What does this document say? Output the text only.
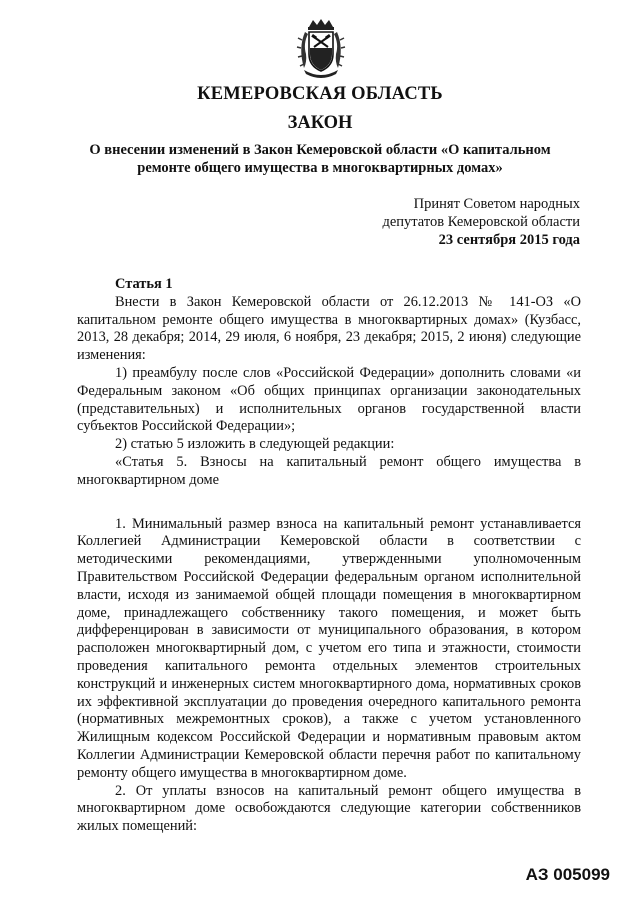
КЕМЕРОВСКАЯ ОБЛАСТЬ
ЗАКОН
О внесении изменений в Закон Кемеровской области «О капитальном
ремонте общего имущества в многоквартирных домах»
Принят Советом народных
депутатов Кемеровской области
23 сентября 2015 года

Статья 1

Внести в Закон Кемеровской области от 26.12.2013 № 141-ОЗ «О капитальном ремонте общего имущества в многоквартирных домах» (Кузбасс, 2013, 28 декабря; 2014, 29 июля, 6 ноября, 23 декабря; 2015, 2 июня) следующие изменения:

1) преамбулу после слов «Российской Федерации» дополнить словами «и Федеральным законом «Об общих принципах организации законодательных (представительных) и исполнительных органов государственной власти субъектов Российской Федерации»;

2) статью 5 изложить в следующей редакции:

«Статья 5. Взносы на капитальный ремонт общего имущества в многоквартирном доме

1. Минимальный размер взноса на капитальный ремонт устанавливается Коллегией Администрации Кемеровской области в соответствии с методическими рекомендациями, утвержденными уполномоченным Правительством Российской Федерации федеральным органом исполнительной власти, исходя из занимаемой общей площади помещения в многоквартирном доме, принадлежащего собственнику такого помещения, и может быть дифференцирован в зависимости от муниципального образования, в котором расположен многоквартирный дом, с учетом его типа и этажности, стоимости проведения капитального ремонта отдельных элементов строительных конструкций и инженерных систем многоквартирного дома, нормативных сроков их эффективной эксплуатации до проведения очередного капитального ремонта (нормативных межремонтных сроков), а также с учетом установленного Жилищным кодексом Российской Федерации и нормативным правовым актом Коллегии Администрации Кемеровской области перечня работ по капитальному ремонту общего имущества в многоквартирном доме.

2. От уплаты взносов на капитальный ремонт общего имущества в многоквартирном доме освобождаются следующие категории собственников жилых помещений:

АЗ 005099
